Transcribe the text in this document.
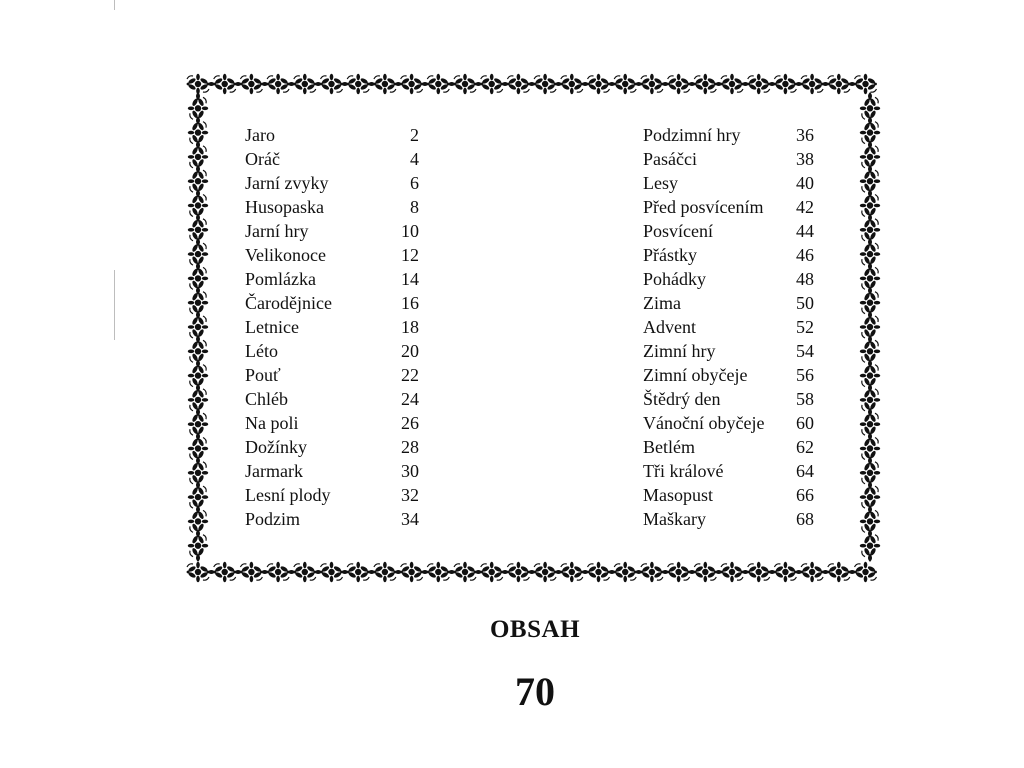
Jaro	2
Oráč	4
Jarní zvyky	6
Husopaska	8
Jarní hry	10
Velikonoce	12
Pomlázka	14
Čarodějnice	16
Letnice	18
Léto	20
Pouť	22
Chléb	24
Na poli	26
Dožínky	28
Jarmark	30
Lesní plody	32
Podzim	34
Podzimní hry	36
Pasáčci	38
Lesy	40
Před posvícením 42
Posvícení	44
Přástky	46
Pohádky	48
Zima	50
Advent	52
Zimní hry	54
Zimní obyčeje	56
Štědrý den	58
Vánoční obyčeje 60
Betlém	62
Tři králové	64
Masopust	66
Maškary	68
OBSAH
70
